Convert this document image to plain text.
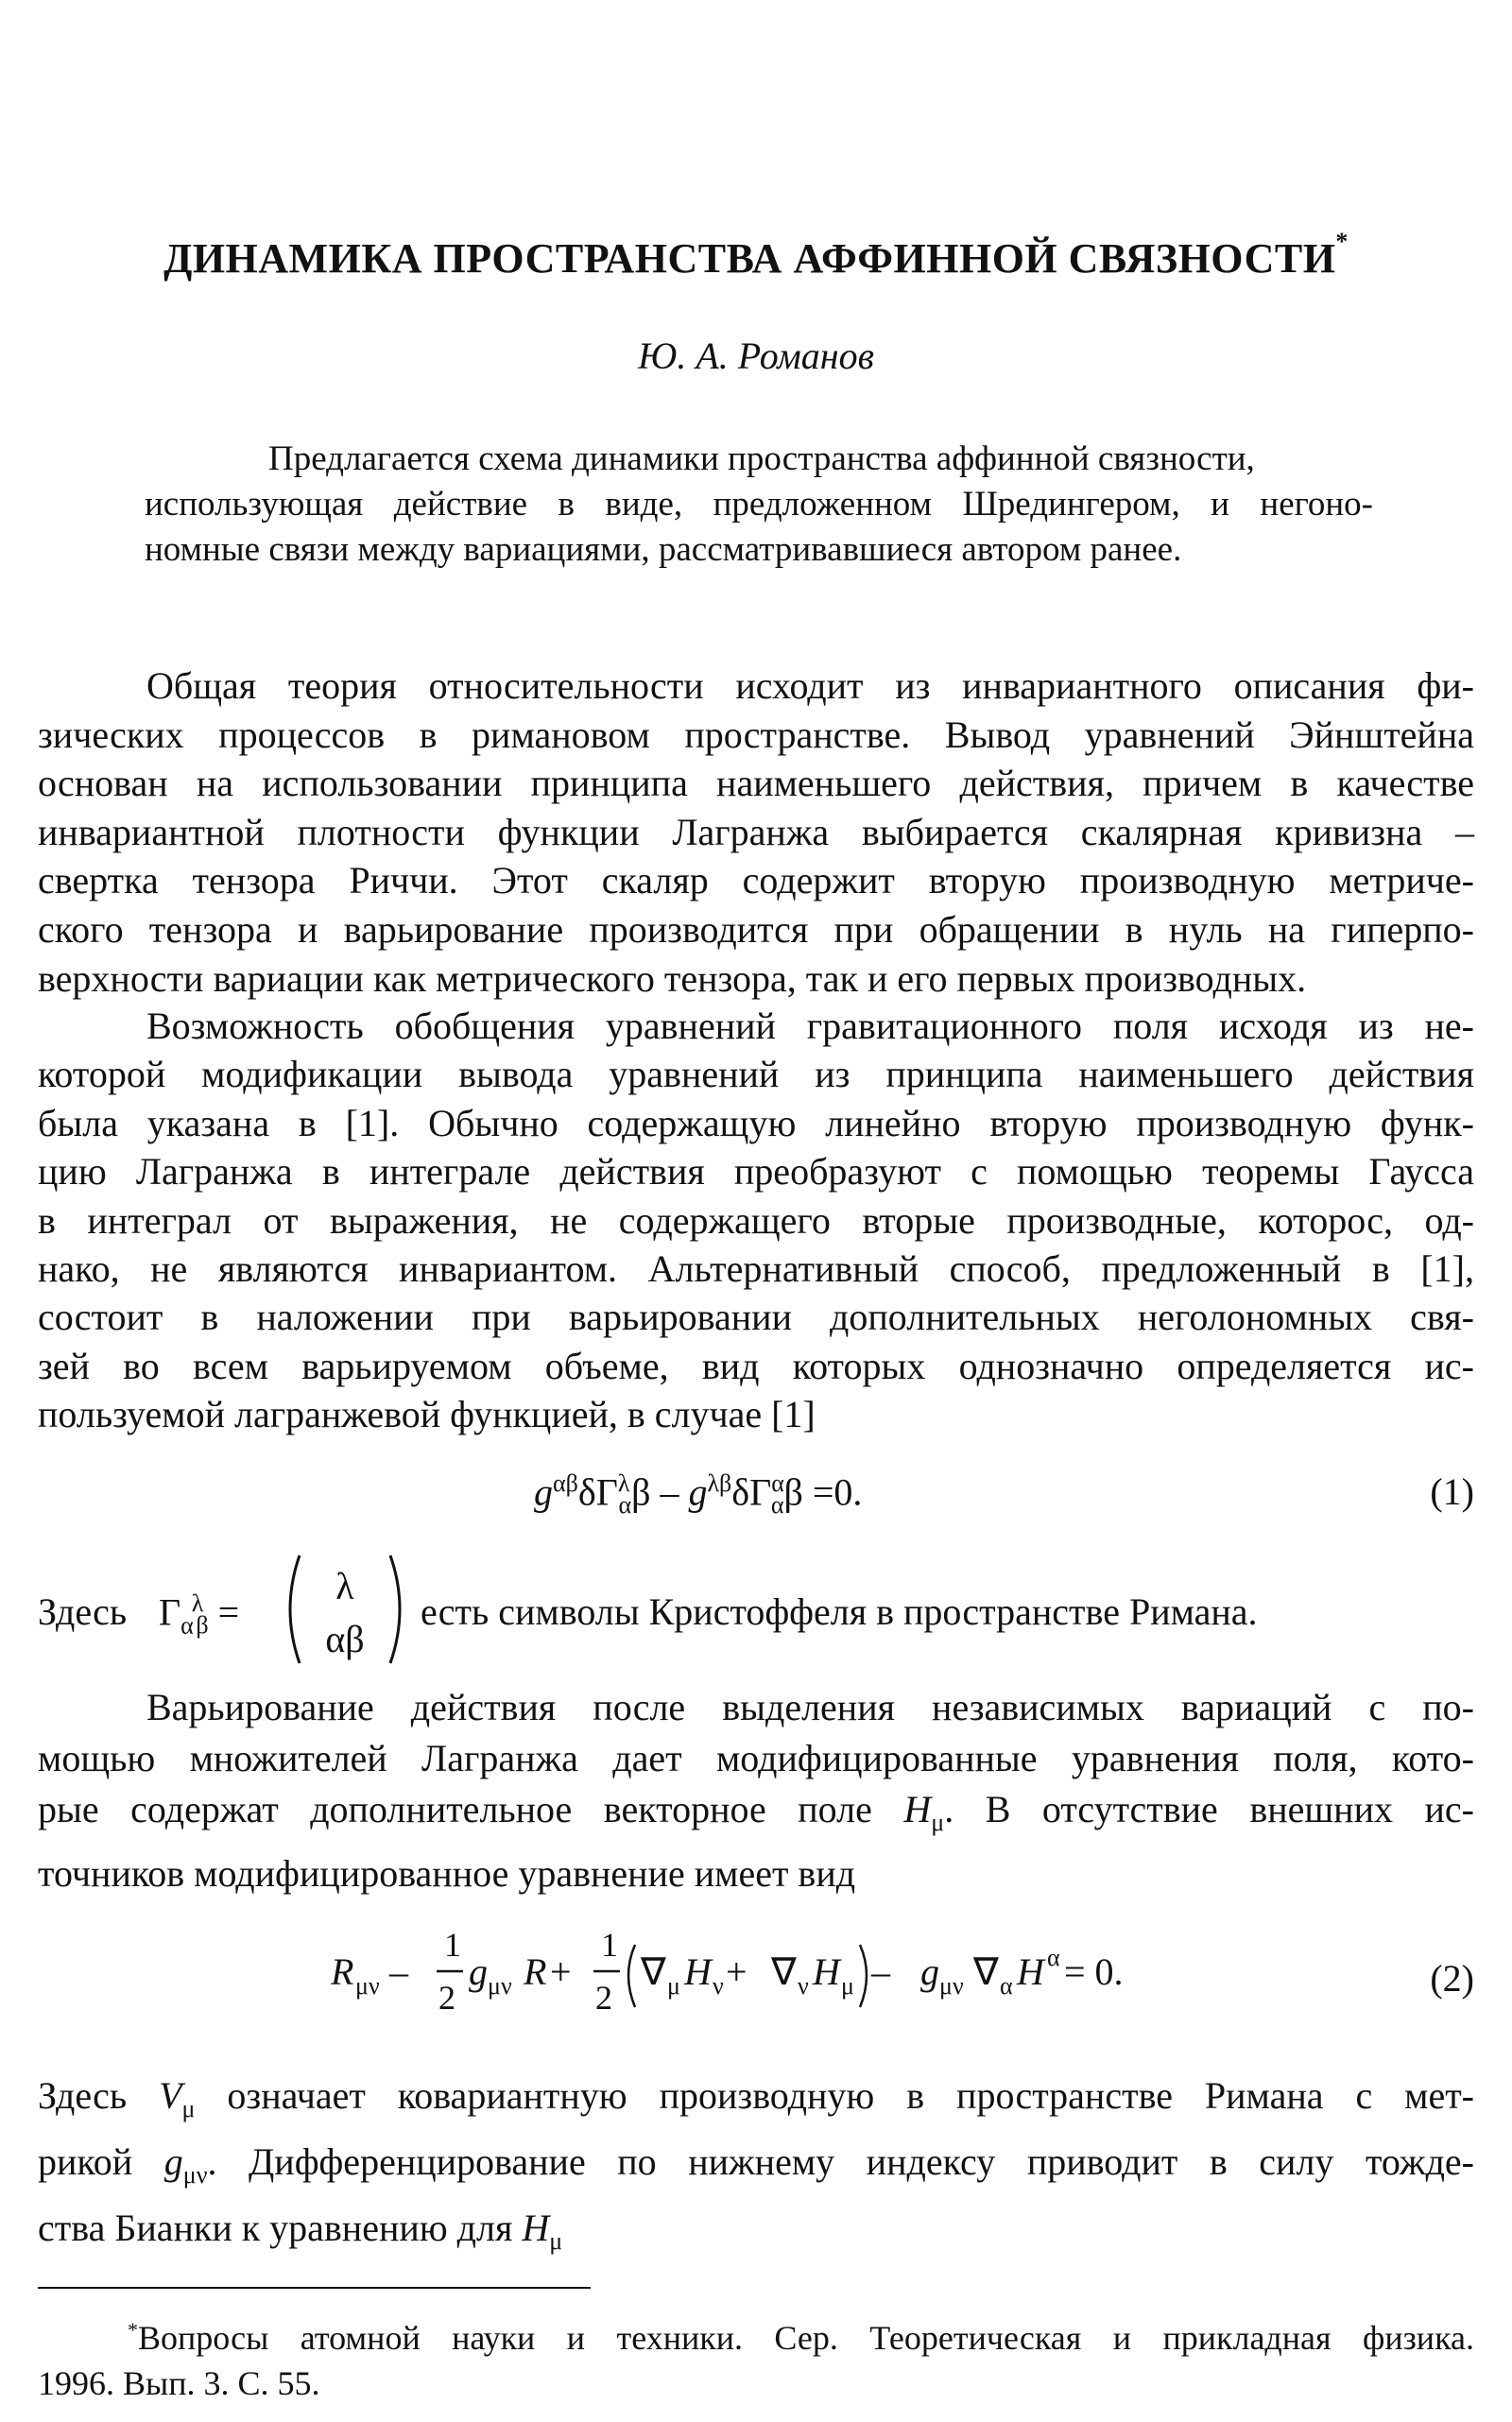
ДИНАМИКА ПРОСТРАНСТВА АФФИННОЙ СВЯЗНОСТИ*
Ю. А. Романов
Предлагается схема динамики пространства аффинной связности,
использующая действие в виде, предложенном Шредингером, и негоно-
номные связи между вариациями, рассматривавшиеся автором ранее.
Общая теория относительности исходит из инвариантного описания фи-
зических процессов в римановом пространстве. Вывод уравнений Эйнштейна
основан на использовании принципа наименьшего действия, причем в качестве
инвариантной плотности функции Лагранжа выбирается скалярная кривизна –
свертка тензора Риччи. Этот скаляр содержит вторую производную метриче-
ского тензора и варьирование производится при обращении в нуль на гиперпо-
верхности вариации как метрического тензора, так и его первых производных.
Возможность обобщения уравнений гравитационного поля исходя из не-
которой модификации вывода уравнений из принципа наименьшего действия
была указана в [1]. Обычно содержащую линейно вторую производную функ-
цию Лагранжа в интеграле действия преобразуют с помощью теоремы Гаусса
в интеграл от выражения, не содержащего вторые производные, которос, од-
нако, не являются инвариантом. Альтернативный способ, предложенный в [1],
состоит в наложении при варьировании дополнительных неголономных свя-
зей во всем варьируемом объеме, вид которых однозначно определяется ис-
пользуемой лагранжевой функцией, в случае [1]
$g^{\alpha\beta}\delta\Gamma^\lambda_\alpha\beta - g^{\lambda\beta}\delta\Gamma^\alpha_\alpha\beta =0$.	(1)
Здесь $\Gamma_\alpha^\lambda_\beta$ =
λ
αβ
есть символы Кристоффеля в пространстве Римана.
Варьирование действия после выделения независимых вариаций с по-
мощью множителей Лагранжа дает модифицированные уравнения поля, кото-
рые содержат дополнительное векторное поле $H_\mu$. В отсутствие внешних ис-
точников модифицированное уравнение имеет вид
R μν –
1
2
g μν R +
1
2
∇ μ H ν + ∇ ν H μ – g μν ∇ α H α = 0.	(2)
Здесь $V_\mu$ означает ковариантную производную в пространстве Римана с мет-
рикой $g_{\mu\nu}$. Дифференцирование по нижнему индексу приводит в силу тожде-
ства Бианки к уравнению для $H_\mu$
*Вопросы атомной науки и техники. Сер. Теоретическая и прикладная физика.
1996. Вып. 3. С. 55.
